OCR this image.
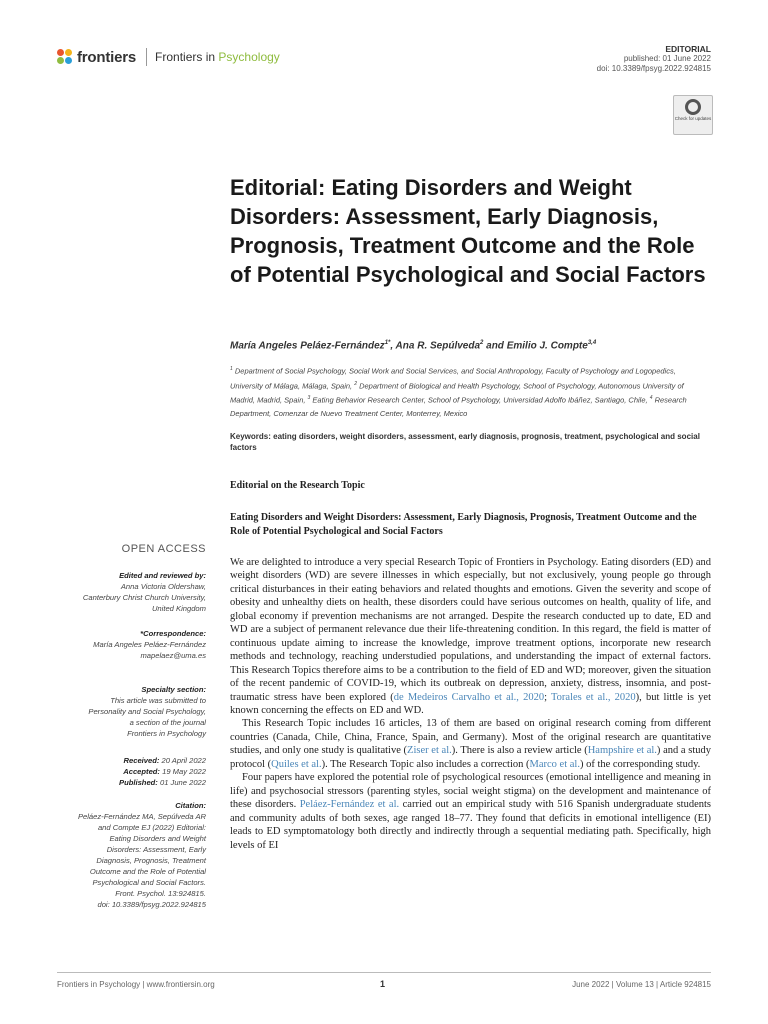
frontiers Frontiers in Psychology
EDITORIAL
published: 01 June 2022
doi: 10.3389/fpsyg.2022.924815
Check for updates
Editorial: Eating Disorders and Weight Disorders: Assessment, Early Diagnosis, Prognosis, Treatment Outcome and the Role of Potential Psychological and Social Factors
María Angeles Peláez-Fernández$^{1*}$, Ana R. Sepúlveda$^2$ and Emilio J. Compte$^{3,4}$
$^1$ Department of Social Psychology, Social Work and Social Services, and Social Anthropology, Faculty of Psychology and Logopedics, University of Málaga, Málaga, Spain, $^2$ Department of Biological and Health Psychology, School of Psychology, Autonomous University of Madrid, Madrid, Spain, $^3$ Eating Behavior Research Center, School of Psychology, Universidad Adolfo Ibáñez, Santiago, Chile, $^4$ Research Department, Comenzar de Nuevo Treatment Center, Monterrey, Mexico
Keywords: eating disorders, weight disorders, assessment, early diagnosis, prognosis, treatment, psychological and social factors
Editorial on the Research Topic
Eating Disorders and Weight Disorders: Assessment, Early Diagnosis, Prognosis, Treatment Outcome and the Role of Potential Psychological and Social Factors
OPEN ACCESS
Edited and reviewed by:
Anna Victoria Oldershaw,
Canterbury Christ Church University,
United Kingdom
*Correspondence:
María Angeles Peláez-Fernández
mapelaez@uma.es
Specialty section:
This article was submitted to
Personality and Social Psychology,
a section of the journal
Frontiers in Psychology
Received: 20 April 2022
Accepted: 19 May 2022
Published: 01 June 2022
Citation:
Peláez-Fernández MA, Sepúlveda AR
and Compte EJ (2022) Editorial:
Eating Disorders and Weight
Disorders: Assessment, Early
Diagnosis, Prognosis, Treatment
Outcome and the Role of Potential
Psychological and Social Factors.
Front. Psychol. 13:924815.
doi: 10.3389/fpsyg.2022.924815

We are delighted to introduce a very special Research Topic of Frontiers in Psychology. Eating disorders (ED) and weight disorders (WD) are severe illnesses in which especially, but not exclusively, young people go through critical disturbances in their eating behaviors and related thoughts and emotions. Given the severity and scope of obesity and unhealthy diets on health, these disorders could have serious outcomes on health, quality of life, and global economy if prevention mechanisms are not arranged. Despite the research conducted up to date, ED and WD are a subject of permanent relevance due their life-threatening condition. In this regard, the field is matter of continuous update aiming to increase the knowledge, improve treatment options, incorporate new research methods and technology, reaching understudied populations, and understanding the impact of external factors. This Research Topics therefore aims to be a contribution to the field of ED and WD; moreover, given the situation of the recent pandemic of COVID-19, which its outbreak on depression, anxiety, distress, insomnia, and post-traumatic stress have been explored (de Medeiros Carvalho et al., 2020; Torales et al., 2020), but little is yet known concerning the effects on ED and WD.

This Research Topic includes 16 articles, 13 of them are based on original research coming from different countries (Canada, Chile, China, France, Spain, and Germany). Most of the original research are quantitative studies, and only one study is qualitative (Ziser et al.). There is also a review article (Hampshire et al.) and a study protocol (Quiles et al.). The Research Topic also includes a correction (Marco et al.) of the corresponding study.

Four papers have explored the potential role of psychological resources (emotional intelligence and meaning in life) and psychosocial stressors (parenting styles, social weight stigma) on the development and maintenance of these disorders. Peláez-Fernández et al. carried out an empirical study with 516 Spanish undergraduate students and community adults of both sexes, age ranged 18–77. They found that deficits in emotional intelligence (EI) leads to ED symptomatology both directly and indirectly through a sequential mediating path. Specifically, high levels of EI

Frontiers in Psychology | www.frontiersin.org	1	June 2022 | Volume 13 | Article 924815
